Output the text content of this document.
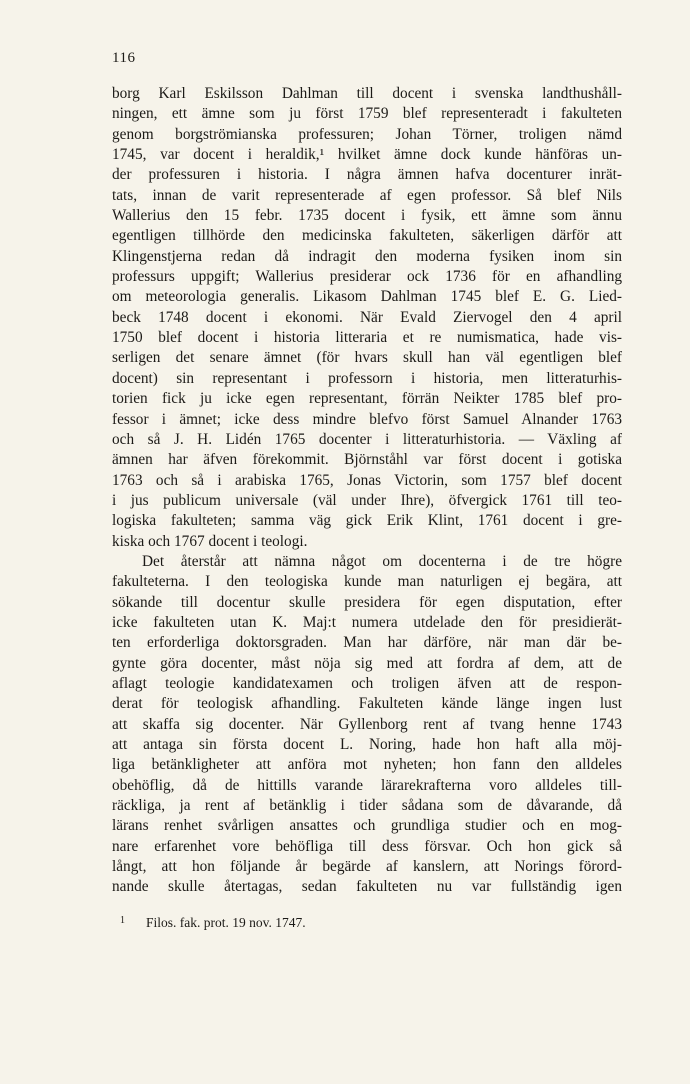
116
borg Karl Eskilsson Dahlman till docent i svenska landthushåll-
ningen, ett ämne som ju först 1759 blef representeradt i fakulteten
genom borgströmianska professuren; Johan Törner, troligen nämd
1745, var docent i heraldik,¹ hvilket ämne dock kunde hänföras un-
der professuren i historia. I några ämnen hafva docenturer inrät-
tats, innan de varit representerade af egen professor. Så blef Nils
Wallerius den 15 febr. 1735 docent i fysik, ett ämne som ännu
egentligen tillhörde den medicinska fakulteten, säkerligen därför att
Klingenstjerna redan då indragit den moderna fysiken inom sin
professurs uppgift; Wallerius presiderar ock 1736 för en afhandling
om meteorologia generalis. Likasom Dahlman 1745 blef E. G. Lied-
beck 1748 docent i ekonomi. När Evald Ziervogel den 4 april
1750 blef docent i historia litteraria et re numismatica, hade vis-
serligen det senare ämnet (för hvars skull han väl egentligen blef
docent) sin representant i professorn i historia, men litteraturhis-
torien fick ju icke egen representant, förrän Neikter 1785 blef pro-
fessor i ämnet; icke dess mindre blefvo först Samuel Alnander 1763
och så J. H. Lidén 1765 docenter i litteraturhistoria. — Växling af
ämnen har äfven förekommit. Björnståhl var först docent i gotiska
1763 och så i arabiska 1765, Jonas Victorin, som 1757 blef docent
i jus publicum universale (väl under Ihre), öfvergick 1761 till teo-
logiska fakulteten; samma väg gick Erik Klint, 1761 docent i gre-
kiska och 1767 docent i teologi.
Det återstår att nämna något om docenterna i de tre högre
fakulteterna. I den teologiska kunde man naturligen ej begära, att
sökande till docentur skulle presidera för egen disputation, efter
icke fakulteten utan K. Maj:t numera utdelade den för presidierät-
ten erforderliga doktorsgraden. Man har därföre, när man där be-
gynte göra docenter, måst nöja sig med att fordra af dem, att de
aflagt teologie kandidatexamen och troligen äfven att de respon-
derat för teologisk afhandling. Fakulteten kände länge ingen lust
att skaffa sig docenter. När Gyllenborg rent af tvang henne 1743
att antaga sin första docent L. Noring, hade hon haft alla möj-
liga betänkligheter att anföra mot nyheten; hon fann den alldeles
obehöflig, då de hittills varande lärarekrafterna voro alldeles till-
räckliga, ja rent af betänklig i tider sådana som de dåvarande, då
lärans renhet svårligen ansattes och grundliga studier och en mog-
nare erfarenhet vore behöfliga till dess försvar. Och hon gick så
långt, att hon följande år begärde af kanslern, att Norings förord-
nande skulle återtagas, sedan fakulteten nu var fullständig igen
1 Filos. fak. prot. 19 nov. 1747.
